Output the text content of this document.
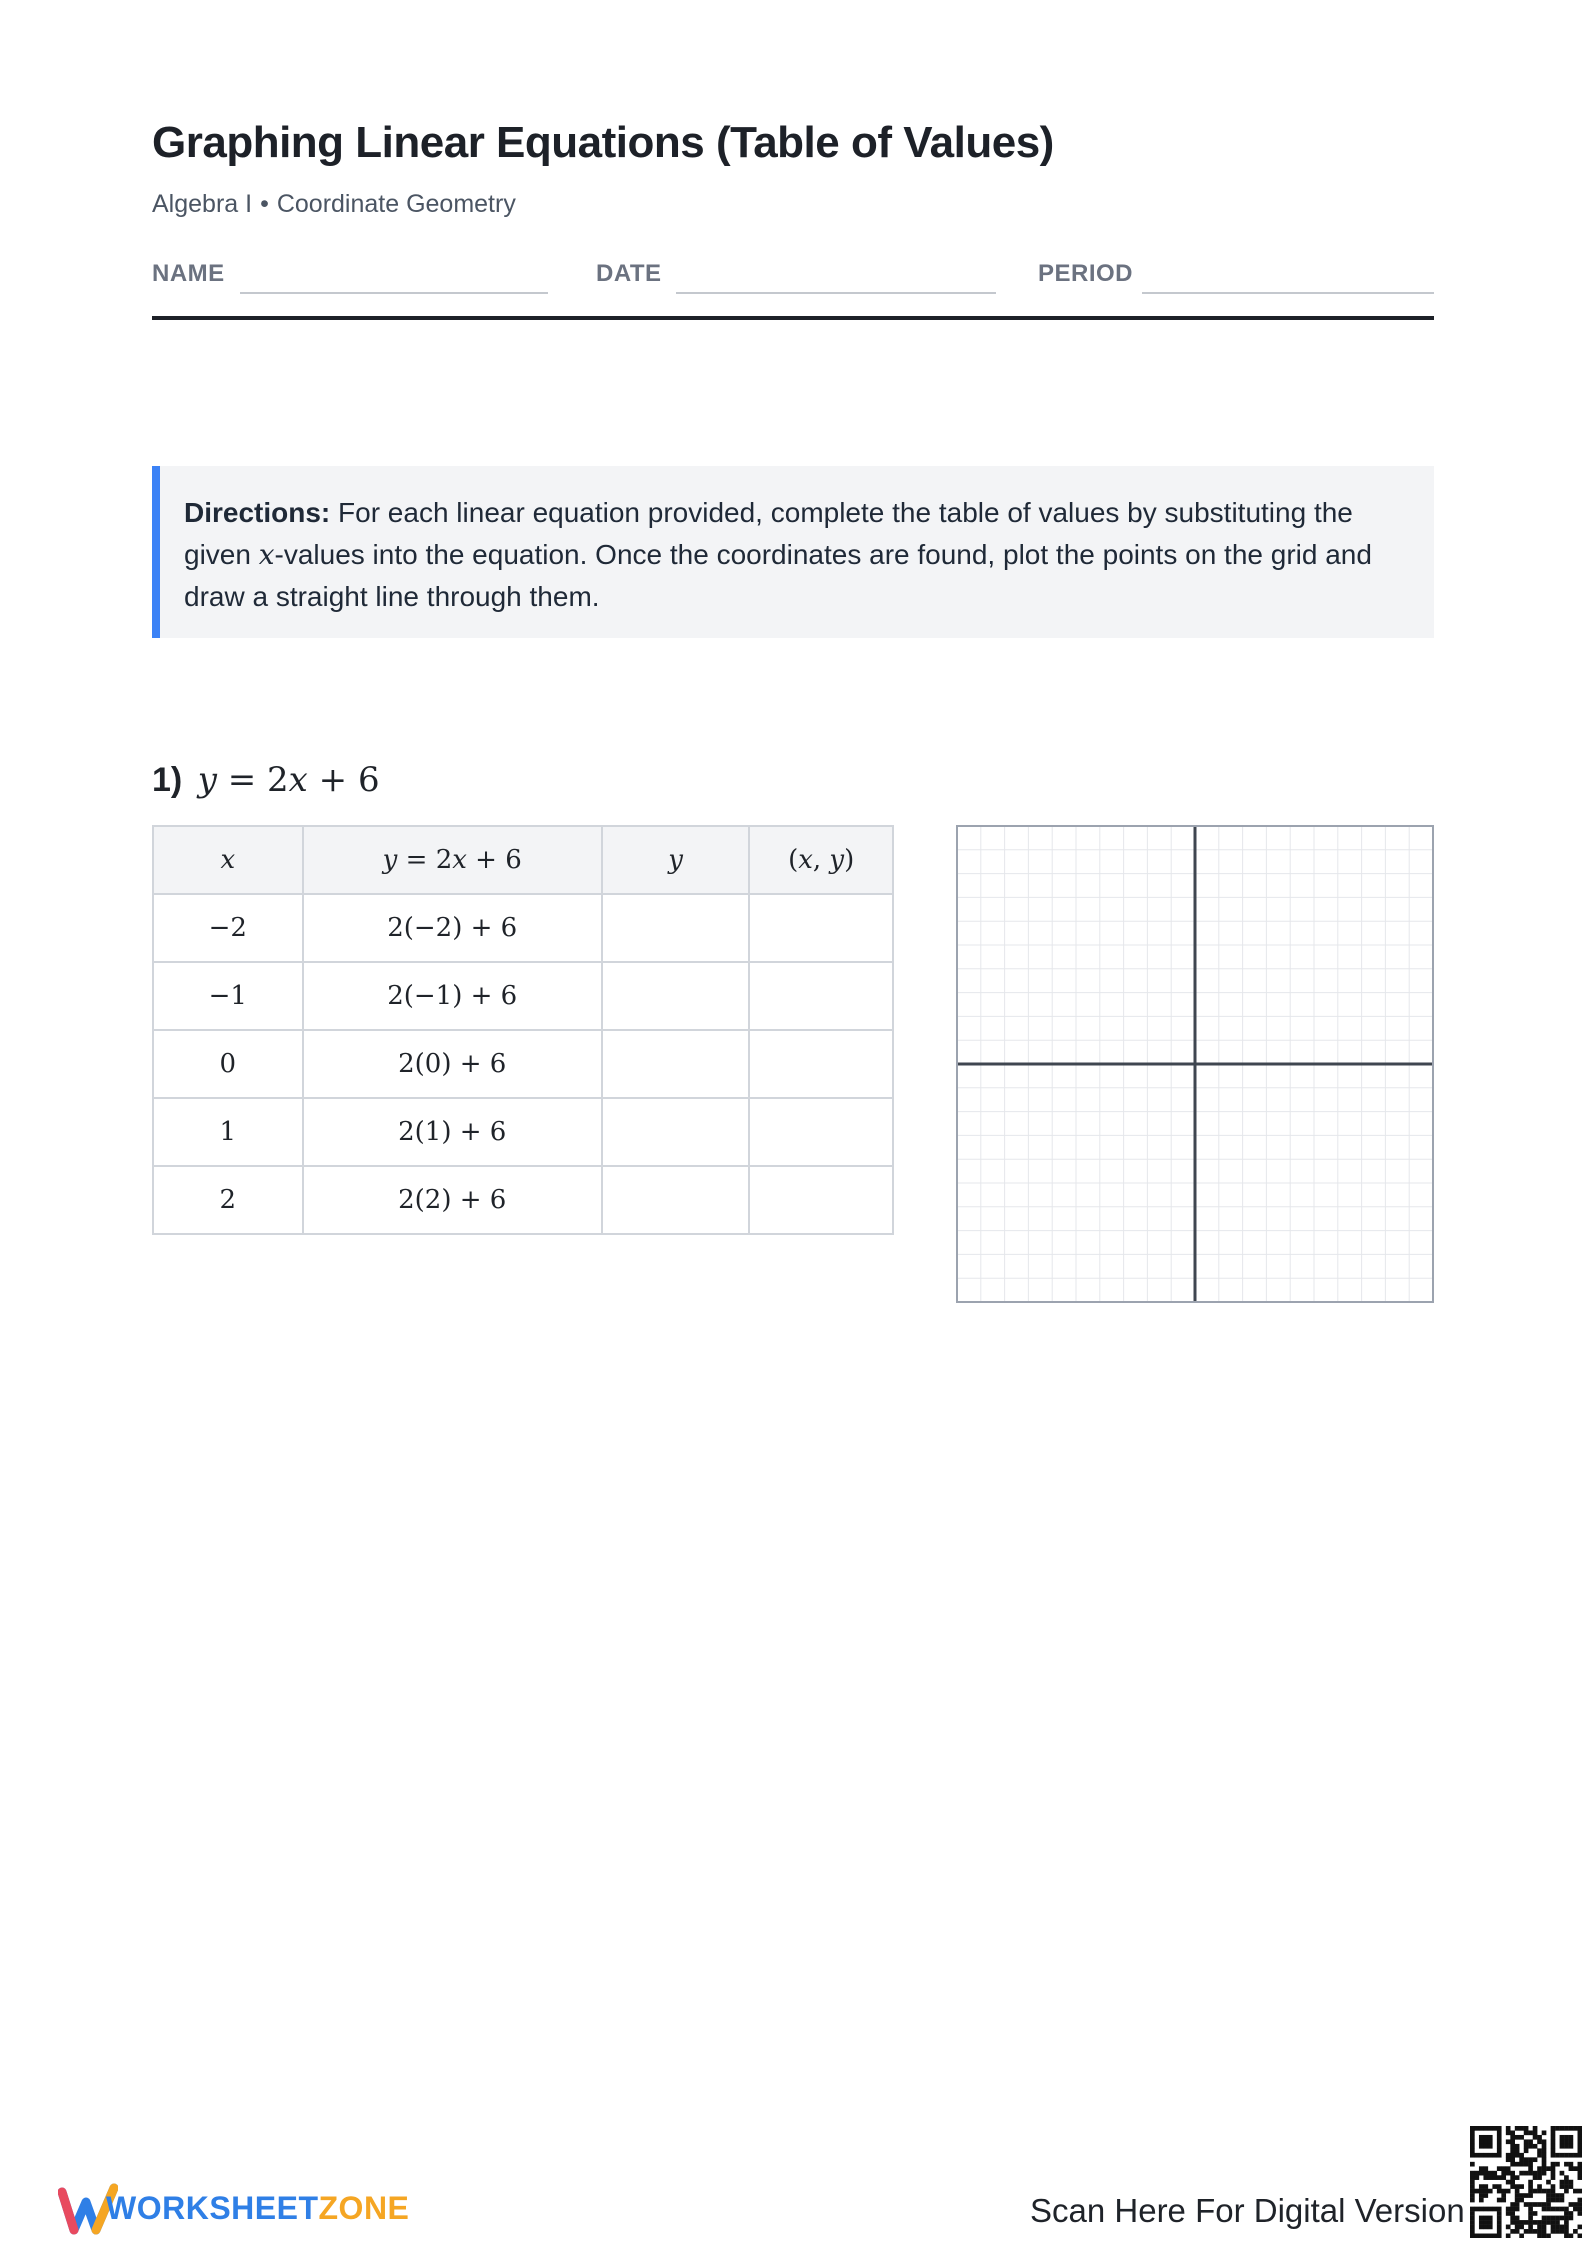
Graphing Linear Equations (Table of Values)
Algebra I • Coordinate Geometry
NAME	DATE	PERIOD
Directions: For each linear equation provided, complete the table of values by substituting the given x-values into the equation. Once the coordinates are found, plot the points on the grid and draw a straight line through them.
1) y = 2x + 6
x	y = 2x + 6	y	(x, y)
−2	2(−2) + 6		
−1	2(−1) + 6		
0	2(0) + 6		
1	2(1) + 6		
2	2(2) + 6		
WORKSHEETZONE	Scan Here For Digital Version
